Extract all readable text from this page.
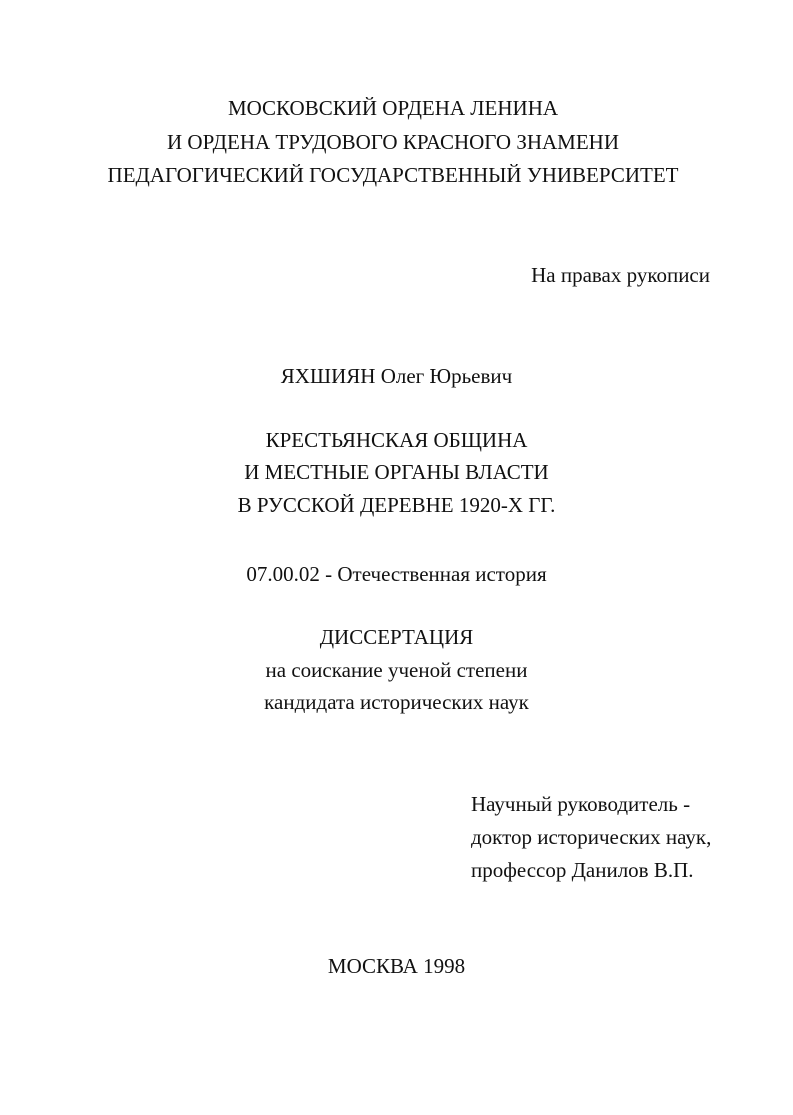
МОСКОВСКИЙ ОРДЕНА ЛЕНИНА
И ОРДЕНА ТРУДОВОГО КРАСНОГО ЗНАМЕНИ
ПЕДАГОГИЧЕСКИЙ ГОСУДАРСТВЕННЫЙ УНИВЕРСИТЕТ
На правах рукописи
ЯХШИЯН Олег Юрьевич
КРЕСТЬЯНСКАЯ ОБЩИНА
И МЕСТНЫЕ ОРГАНЫ ВЛАСТИ
В РУССКОЙ ДЕРЕВНЕ 1920-Х ГГ.
07.00.02 - Отечественная история
ДИССЕРТАЦИЯ
на соискание ученой степени
кандидата исторических наук
Научный руководитель -
доктор исторических наук,
профессор Данилов В.П.
МОСКВА 1998
